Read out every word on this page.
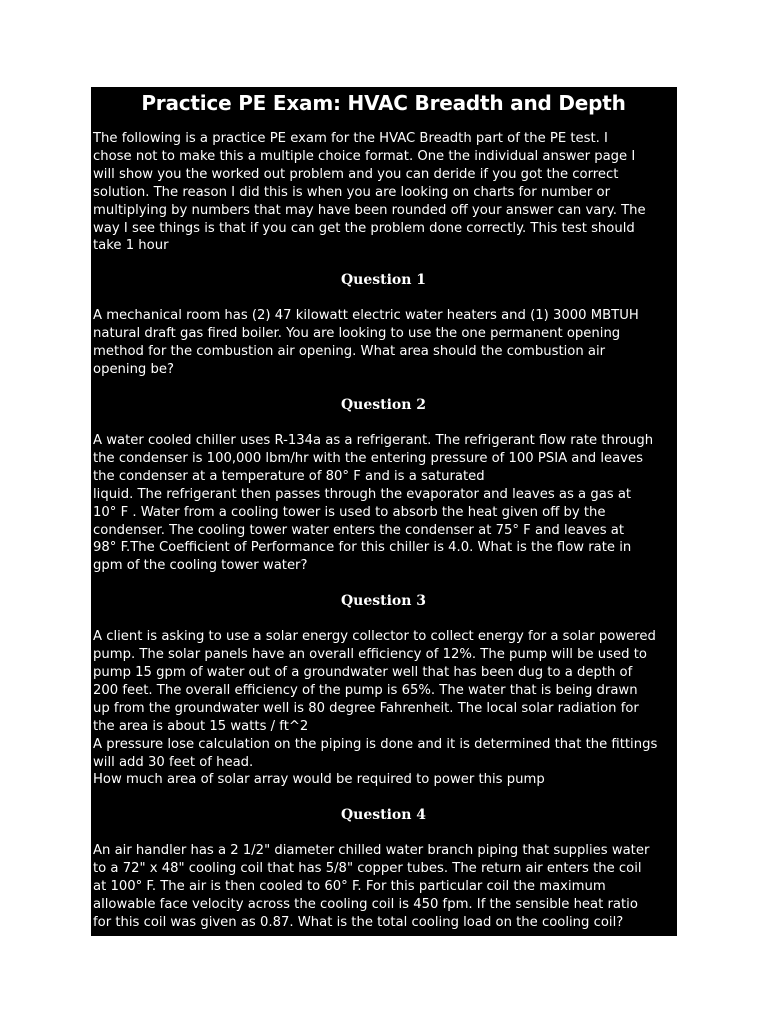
Practice PE Exam: HVAC Breadth and Depth

The following is a practice PE exam for the HVAC Breadth part of the PE test. I
chose not to make this a multiple choice format. One the individual answer page I
will show you the worked out problem and you can deride if you got the correct
solution. The reason I did this is when you are looking on charts for number or
multiplying by numbers that may have been rounded off your answer can vary. The
way I see things is that if you can get the problem done correctly. This test should
take 1 hour

Question 1

A mechanical room has (2) 47 kilowatt electric water heaters and (1) 3000 MBTUH
natural draft gas fired boiler. You are looking to use the one permanent opening
method for the combustion air opening. What area should the combustion air
opening be?

Question 2

A water cooled chiller uses R-134a as a refrigerant. The refrigerant flow rate through
the condenser is 100,000 lbm/hr with the entering pressure of 100 PSIA and leaves
the condenser at a temperature of 80° F and is a saturated
liquid. The refrigerant then passes through the evaporator and leaves as a gas at
10° F . Water from a cooling tower is used to absorb the heat given off by the
condenser. The cooling tower water enters the condenser at 75° F and leaves at
98° F.The Coefficient of Performance for this chiller is 4.0. What is the flow rate in
gpm of the cooling tower water?

Question 3

A client is asking to use a solar energy collector to collect energy for a solar powered
pump. The solar panels have an overall efficiency of 12%. The pump will be used to
pump 15 gpm of water out of a groundwater well that has been dug to a depth of
200 feet. The overall efficiency of the pump is 65%. The water that is being drawn
up from the groundwater well is 80 degree Fahrenheit. The local solar radiation for
the area is about 15 watts / ft^2
A pressure lose calculation on the piping is done and it is determined that the fittings
will add 30 feet of head.
How much area of solar array would be required to power this pump

Question 4

An air handler has a 2 1/2" diameter chilled water branch piping that supplies water
to a 72" x 48" cooling coil that has 5/8" copper tubes. The return air enters the coil
at 100° F. The air is then cooled to 60° F. For this particular coil the maximum
allowable face velocity across the cooling coil is 450 fpm. If the sensible heat ratio
for this coil was given as 0.87. What is the total cooling load on the cooling coil?
